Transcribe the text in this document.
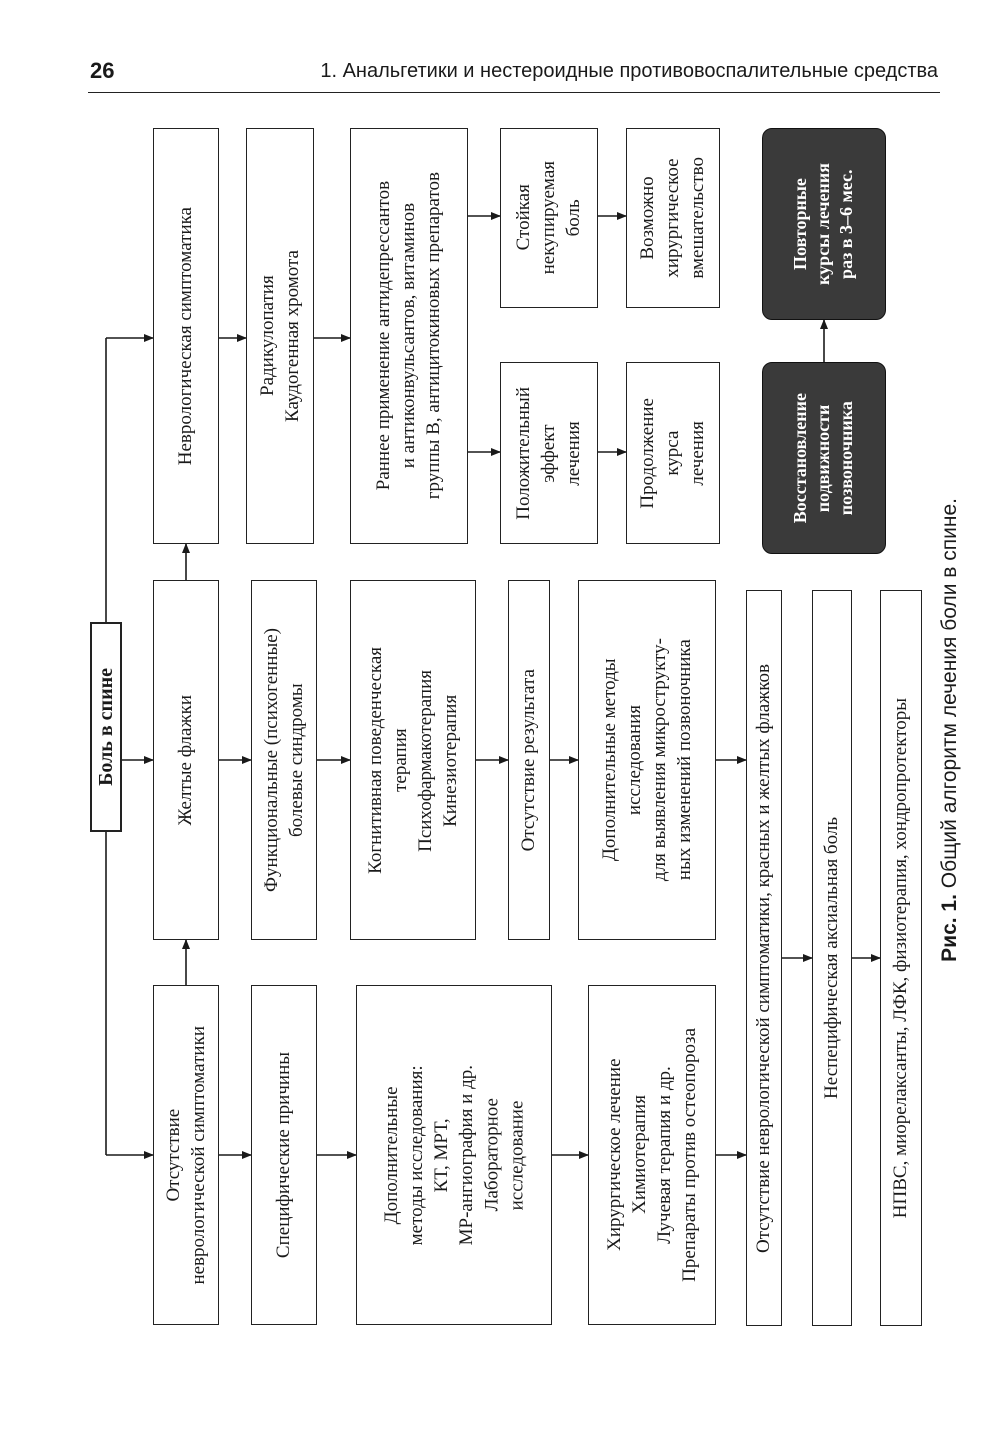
26	1. Анальгетики и нестероидные противовоспалительные средства
Боль в спине
Отсутствие
неврологической симптоматики	Специфические причины	Дополнительные
методы исследования:
КТ, МРТ,
МР-ангиография и др.
Лабораторное
исследование	Хирургическое лечение
Химиотерапия
Лучевая терапия и др.
Препараты против остеопороза
Желтые флажки	Функциональные (психогенные)
болевые синдромы
Когнитивная поведенческая
терапия
Психофармакотерапия
Кинезиотерапия	Отсутствие результата	Дополнительные методы
исследования
для выявления микрострукту-
ных изменений позвоночника
Неврологическая симптоматика	Радикулопатия
Каудогенная хромота
Раннее применение антидепрессантов
и антиконвульсантов, витаминов
группы В, антицитокиновых препаратов
Положительный
эффект
лечения	Продолжение
курса
лечения
Стойкая
некупируемая
боль	Возможно
хирургическое
вмешательство
Отсутствие неврологической симптоматики, красных и желтых флажков Неспецифическая аксиальная боль	НПВС, миорелаксанты, ЛФК, физиотерапия, хондропротекторы
Восстановление
подвижности
позвоночника
Повторные
курсы лечения
раз в 3–6 мес.
Рис. 1. Общий алгоритм лечения боли в спине.
